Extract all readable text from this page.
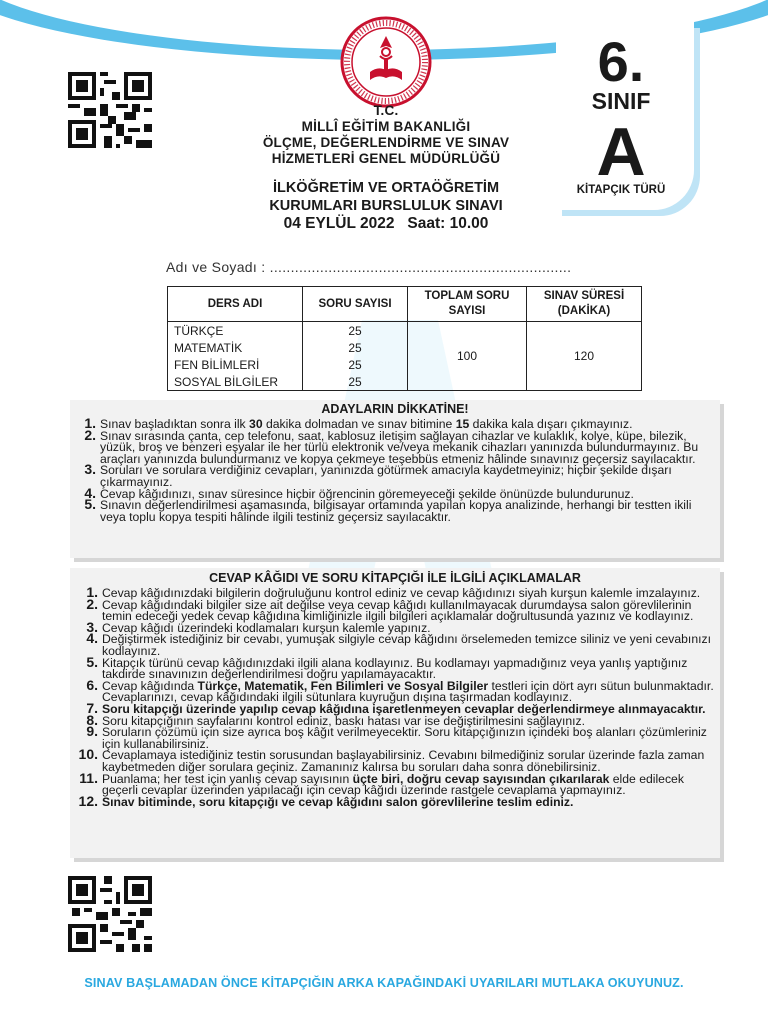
T.C.
MİLLÎ EĞİTİM BAKANLIĞI
ÖLÇME, DEĞERLENDİRME VE SINAV
HİZMETLERİ GENEL MÜDÜRLÜĞÜ
İLKÖĞRETİM VE ORTAÖĞRETİM
KURUMLARI BURSLULUK SINAVI
04 EYLÜL 2022 Saat: 10.00
6.
SINIF
A
KİTAPÇIK TÜRÜ
Adı ve Soyadı : ........................................................................
DERS ADI	SORU SAYISI	TOPLAM SORU SAYISI	SINAV SÜRESİ (DAKİKA)
TÜRKÇE	25	100	120
MATEMATİK	25		
FEN BİLİMLERİ	25		
SOSYAL BİLGİLER	25		
ADAYLARIN DİKKATİNE!
1. Sınav başladıktan sonra ilk 30 dakika dolmadan ve sınav bitimine 15 dakika kala dışarı çıkmayınız.
2. Sınav sırasında çanta, cep telefonu, saat, kablosuz iletişim sağlayan cihazlar ve kulaklık, kolye, küpe, bilezik, yüzük, broş ve benzeri eşyalar ile her türlü elektronik ve/veya mekanik cihazları yanınızda bulundurmayınız. Bu araçları yanınızda bulundurmanız ve kopya çekmeye teşebbüs etmeniz hâlinde sınavınız geçersiz sayılacaktır.
3. Soruları ve sorulara verdiğiniz cevapları, yanınızda götürmek amacıyla kaydetmeyiniz; hiçbir şekilde dışarı çıkarmayınız.
4. Cevap kâğıdınızı, sınav süresince hiçbir öğrencinin göremeyeceği şekilde önünüzde bulundurunuz.
5. Sınavın değerlendirilmesi aşamasında, bilgisayar ortamında yapılan kopya analizinde, herhangi bir testten ikili veya toplu kopya tespiti hâlinde ilgili testiniz geçersiz sayılacaktır.
CEVAP KÂĞIDI VE SORU KİTAPÇIĞI İLE İLGİLİ AÇIKLAMALAR
1. Cevap kâğıdınızdaki bilgilerin doğruluğunu kontrol ediniz ve cevap kâğıdınızı siyah kurşun kalemle imzalayınız.
2. Cevap kâğıdındaki bilgiler size ait değilse veya cevap kâğıdı kullanılmayacak durumdaysa salon görevlilerinin temin edeceği yedek cevap kâğıdına kimliğinizle ilgili bilgileri açıklamalar doğrultusunda yazınız ve kodlayınız.
3. Cevap kâğıdı üzerindeki kodlamaları kurşun kalemle yapınız.
4. Değiştirmek istediğiniz bir cevabı, yumuşak silgiyle cevap kâğıdını örselemeden temizce siliniz ve yeni cevabınızı kodlayınız.
5. Kitapçık türünü cevap kâğıdınızdaki ilgili alana kodlayınız. Bu kodlamayı yapmadığınız veya yanlış yaptığınız takdirde sınavınızın değerlendirilmesi doğru yapılamayacaktır.
6. Cevap kâğıdında Türkçe, Matematik, Fen Bilimleri ve Sosyal Bilgiler testleri için dört ayrı sütun bulunmaktadır. Cevaplarınızı, cevap kâğıdındaki ilgili sütunlara kuyruğun dışına taşırmadan kodlayınız.
7. Soru kitapçığı üzerinde yapılıp cevap kâğıdına işaretlenmeyen cevaplar değerlendirmeye alınmayacaktır.
8. Soru kitapçığının sayfalarını kontrol ediniz, baskı hatası var ise değiştirilmesini sağlayınız.
9. Soruların çözümü için size ayrıca boş kâğıt verilmeyecektir. Soru kitapçığınızın içindeki boş alanları çözümleriniz için kullanabilirsiniz.
10. Cevaplamaya istediğiniz testin sorusundan başlayabilirsiniz. Cevabını bilmediğiniz sorular üzerinde fazla zaman kaybetmeden diğer sorulara geçiniz. Zamanınız kalırsa bu soruları daha sonra dönebilirsiniz.
11. Puanlama; her test için yanlış cevap sayısının üçte biri, doğru cevap sayısından çıkarılarak elde edilecek geçerli cevaplar üzerinden yapılacağı için cevap kâğıdı üzerinde rastgele cevaplama yapmayınız.
12. Sınav bitiminde, soru kitapçığı ve cevap kâğıdını salon görevlilerine teslim ediniz.
SINAV BAŞLAMADAN ÖNCE KİTAPÇIĞIN ARKA KAPAĞINDAKİ UYARILARI MUTLAKA OKUYUNUZ.
